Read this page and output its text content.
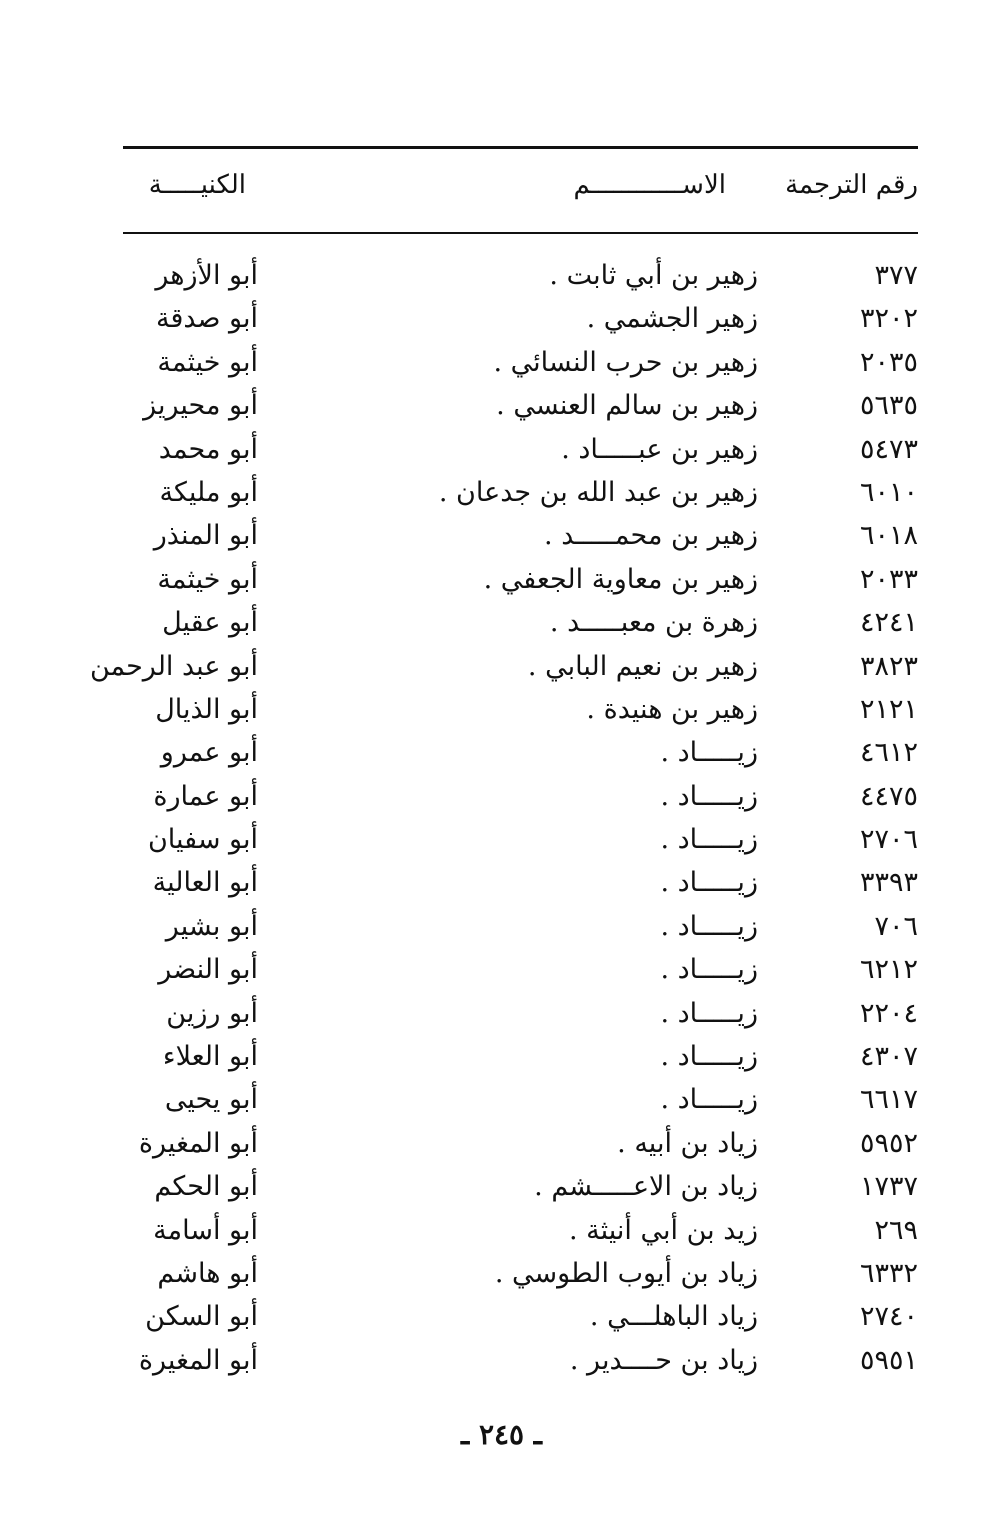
رقم الترجمة
الاســــــــــــم
الكنيـــــة
٣٧٧
زهير بن أبي ثابت .
أبو الأزهر
٣٢٠٢
زهير الجشمي .
أبو صدقة
٢٠٣٥
زهير بن حرب النسائي .
أبو خيثمة
٥٦٣٥
زهير بن سالم العنسي .
أبو محيريز
٥٤٧٣
زهير بن عبـــــاد .
أبو محمد
٦٠١٠
زهير بن عبد الله بن جدعان .
أبو مليكة
٦٠١٨
زهير بن محمـــــد .
أبو المنذر
٢٠٣٣
زهير بن معاوية الجعفي .
أبو خيثمة
٤٢٤١
زهرة بن معبـــــد .
أبو عقيل
٣٨٢٣
زهير بن نعيم البابي .
أبو عبد الرحمن
٢١٢١
زهير بن هنيدة .
أبو الذيال
٤٦١٢
زيـــــاد .
أبو عمرو
٤٤٧٥
زيـــــاد .
أبو عمارة
٢٧٠٦
زيـــــاد .
أبو سفيان
٣٣٩٣
زيـــــاد .
أبو العالية
٧٠٦
زيـــــاد .
أبو بشير
٦٢١٢
زيـــــاد .
أبو النضر
٢٢٠٤
زيـــــاد .
أبو رزين
٤٣٠٧
زيـــــاد .
أبو العلاء
٦٦١٧
زيـــــاد .
أبو يحيى
٥٩٥٢
زياد بن أبيه .
أبو المغيرة
١٧٣٧
زياد بن الاعـــــشم .
أبو الحكم
٢٦٩
زيد بن أبي أنيثة .
أبو أسامة
٦٣٣٢
زياد بن أيوب الطوسي .
أبو هاشم
٢٧٤٠
زياد الباهلـــي .
أبو السكن
٥٩٥١
زياد بن حــــدير .
أبو المغيرة
ـ ٢٤٥ ـ
